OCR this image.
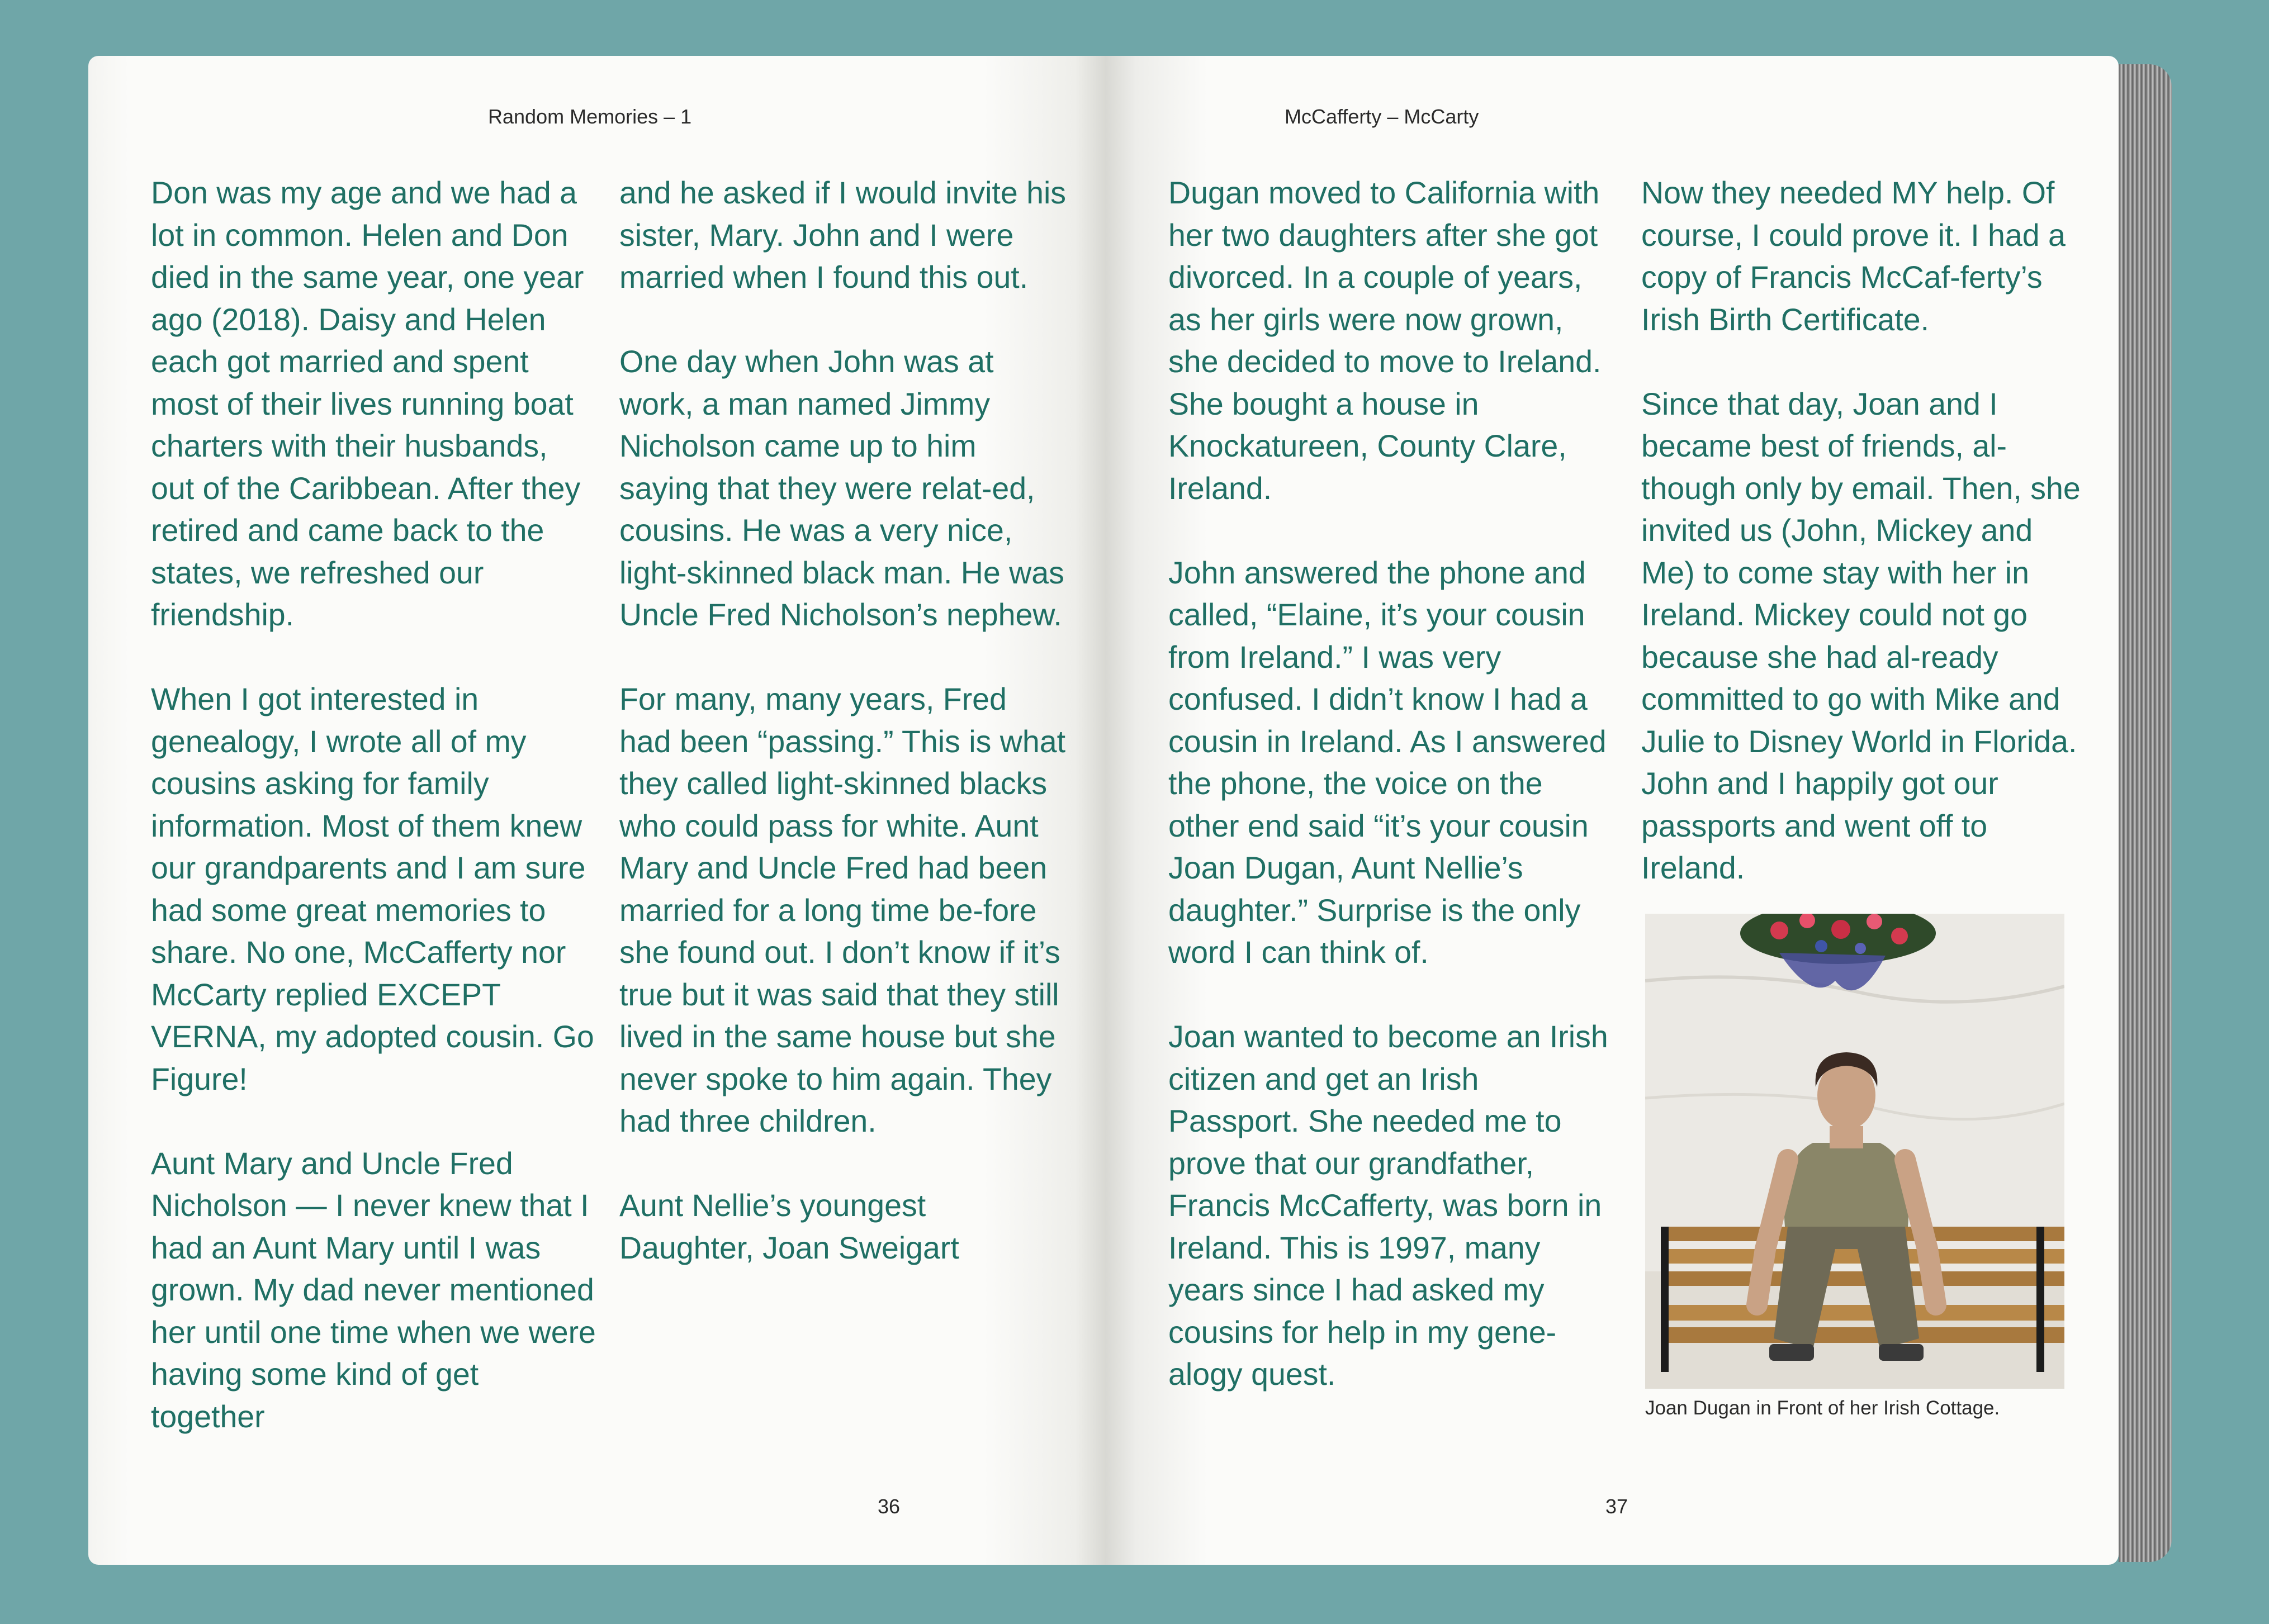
Random Memories – 1

Don was my age and we had a lot in common. Helen and Don died in the same year, one year ago (2018). Daisy and Helen each got married and spent most of their lives running boat charters with their husbands, out of the Caribbean. After they retired and came back to the states, we refreshed our friendship.

When I got interested in genealogy, I wrote all of my cousins asking for family information. Most of them knew our grandparents and I am sure had some great memories to share. No one, McCafferty nor McCarty replied EXCEPT VERNA, my adopted cousin. Go Figure!

Aunt Mary and Uncle Fred Nicholson — I never knew that I had an Aunt Mary until I was grown. My dad never mentioned her until one time when we were having some kind of get together

and he asked if I would invite his sister, Mary. John and I were married when I found this out.

One day when John was at work, a man named Jimmy Nicholson came up to him saying that they were relat-ed, cousins. He was a very nice, light-skinned black man. He was Uncle Fred Nicholson’s nephew.

For many, many years, Fred had been “passing.” This is what they called light-skinned blacks who could pass for white. Aunt Mary and Uncle Fred had been married for a long time be-fore she found out. I don’t know if it’s true but it was said that they still lived in the same house but she never spoke to him again. They had three children.

Aunt Nellie’s youngest Daughter, Joan Sweigart

36
McCafferty – McCarty

Dugan moved to California with her two daughters after she got divorced. In a couple of years, as her girls were now grown, she decided to move to Ireland. She bought a house in Knockatureen, County Clare, Ireland.

John answered the phone and called, “Elaine, it’s your cousin from Ireland.” I was very confused. I didn’t know I had a cousin in Ireland. As I answered the phone, the voice on the other end said “it’s your cousin Joan Dugan, Aunt Nellie’s daughter.” Surprise is the only word I can think of.

Joan wanted to become an Irish citizen and get an Irish Passport. She needed me to prove that our grandfather, Francis McCafferty, was born in Ireland. This is 1997, many years since I had asked my cousins for help in my gene-alogy quest.

Now they needed MY help. Of course, I could prove it. I had a copy of Francis McCaf-ferty’s Irish Birth Certificate.

Since that day, Joan and I became best of friends, al-though only by email. Then, she invited us (John, Mickey and Me) to come stay with her in Ireland. Mickey could not go because she had al-ready committed to go with Mike and Julie to Disney World in Florida. John and I happily got our passports and went off to Ireland.

Joan Dugan in Front of her Irish Cottage.
37
